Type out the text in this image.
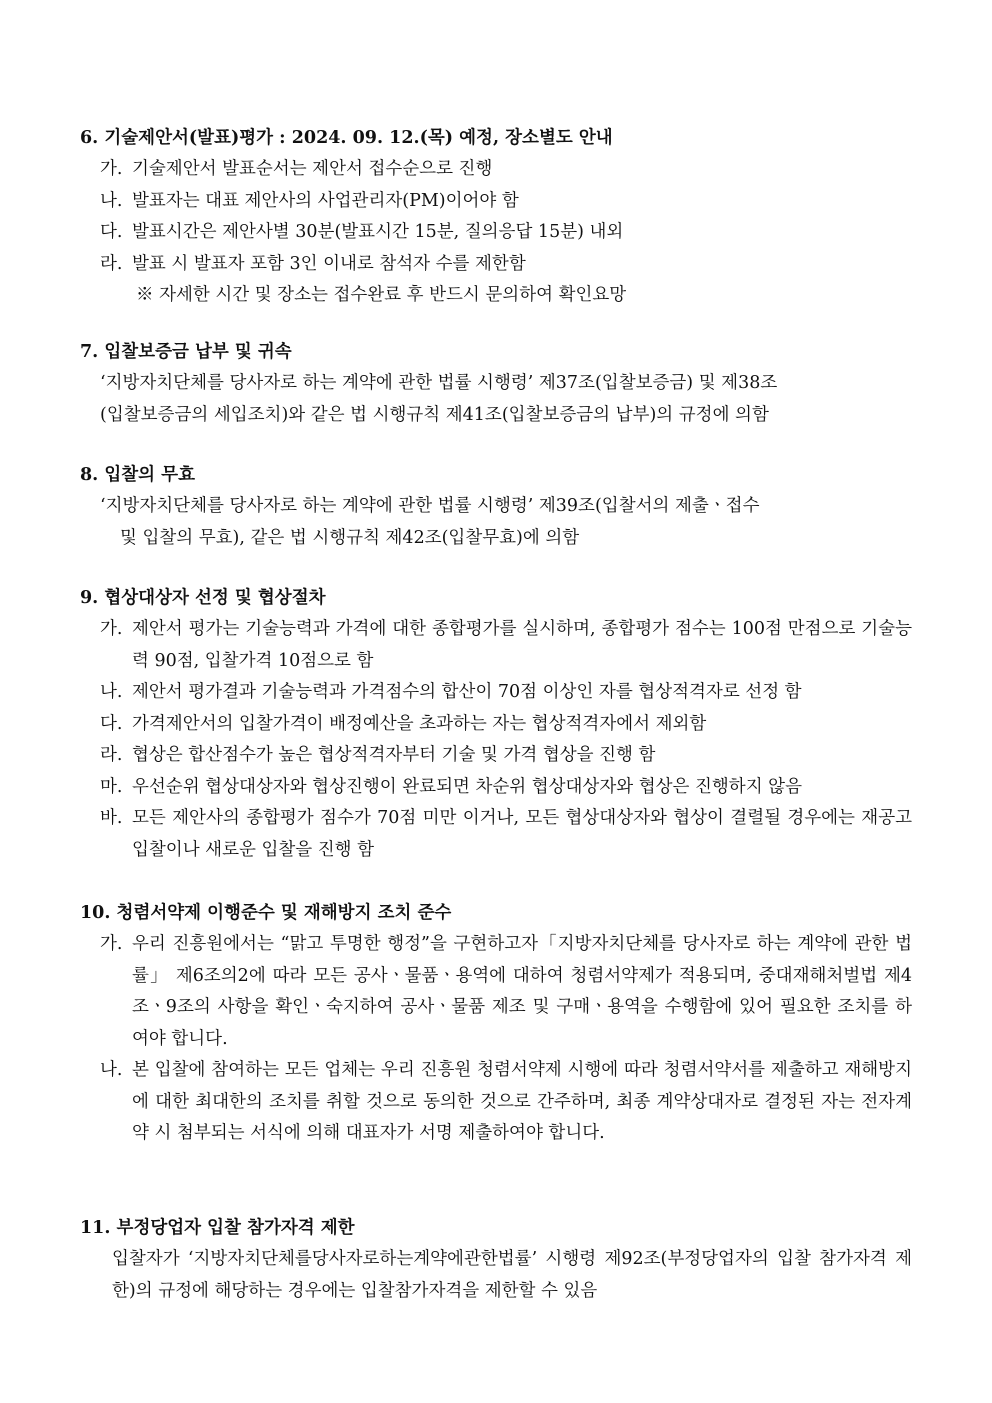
6. 기술제안서(발표)평가 : 2024. 09. 12.(목) 예정, 장소별도 안내
가. 기술제안서 발표순서는 제안서 접수순으로 진행
나. 발표자는 대표 제안사의 사업관리자(PM)이어야 함
다. 발표시간은 제안사별 30분(발표시간 15분, 질의응답 15분) 내외
라. 발표 시 발표자 포함 3인 이내로 참석자 수를 제한함
※ 자세한 시간 및 장소는 접수완료 후 반드시 문의하여 확인요망
7. 입찰보증금 납부 및 귀속
‘지방자치단체를 당사자로 하는 계약에 관한 법률 시행령’ 제37조(입찰보증금) 및 제38조
(입찰보증금의 세입조치)와 같은 법 시행규칙 제41조(입찰보증금의 납부)의 규정에 의함
8. 입찰의 무효
‘지방자치단체를 당사자로 하는 계약에 관한 법률 시행령’ 제39조(입찰서의 제출ㆍ접수
및 입찰의 무효), 같은 법 시행규칙 제42조(입찰무효)에 의함
9. 협상대상자 선정 및 협상절차
가. 제안서 평가는 기술능력과 가격에 대한 종합평가를 실시하며, 종합평가 점수는 100점 만점으로 기술능력 90점, 입찰가격 10점으로 함
나. 제안서 평가결과 기술능력과 가격점수의 합산이 70점 이상인 자를 협상적격자로 선정 함
다. 가격제안서의 입찰가격이 배정예산을 초과하는 자는 협상적격자에서 제외함
라. 협상은 합산점수가 높은 협상적격자부터 기술 및 가격 협상을 진행 함
마. 우선순위 협상대상자와 협상진행이 완료되면 차순위 협상대상자와 협상은 진행하지 않음
바. 모든 제안사의 종합평가 점수가 70점 미만 이거나, 모든 협상대상자와 협상이 결렬될 경우에는 재공고입찰이나 새로운 입찰을 진행 함
10. 청렴서약제 이행준수 및 재해방지 조치 준수
가. 우리 진흥원에서는 “맑고 투명한 행정”을 구현하고자「지방자치단체를 당사자로 하는 계약에 관한 법률」 제6조의2에 따라 모든 공사ㆍ물품ㆍ용역에 대하여 청렴서약제가 적용되며, 중대재해처벌법 제4조ㆍ9조의 사항을 확인ㆍ숙지하여 공사ㆍ물품 제조 및 구매ㆍ용역을 수행함에 있어 필요한 조치를 하여야 합니다.
나. 본 입찰에 참여하는 모든 업체는 우리 진흥원 청렴서약제 시행에 따라 청렴서약서를 제출하고 재해방지에 대한 최대한의 조치를 취할 것으로 동의한 것으로 간주하며, 최종 계약상대자로 결정된 자는 전자계약 시 첨부되는 서식에 의해 대표자가 서명 제출하여야 합니다.
11. 부정당업자 입찰 참가자격 제한
입찰자가 ‘지방자치단체를당사자로하는계약에관한법률’ 시행령 제92조(부정당업자의 입찰 참가자격 제한)의 규정에 해당하는 경우에는 입찰참가자격을 제한할 수 있음
